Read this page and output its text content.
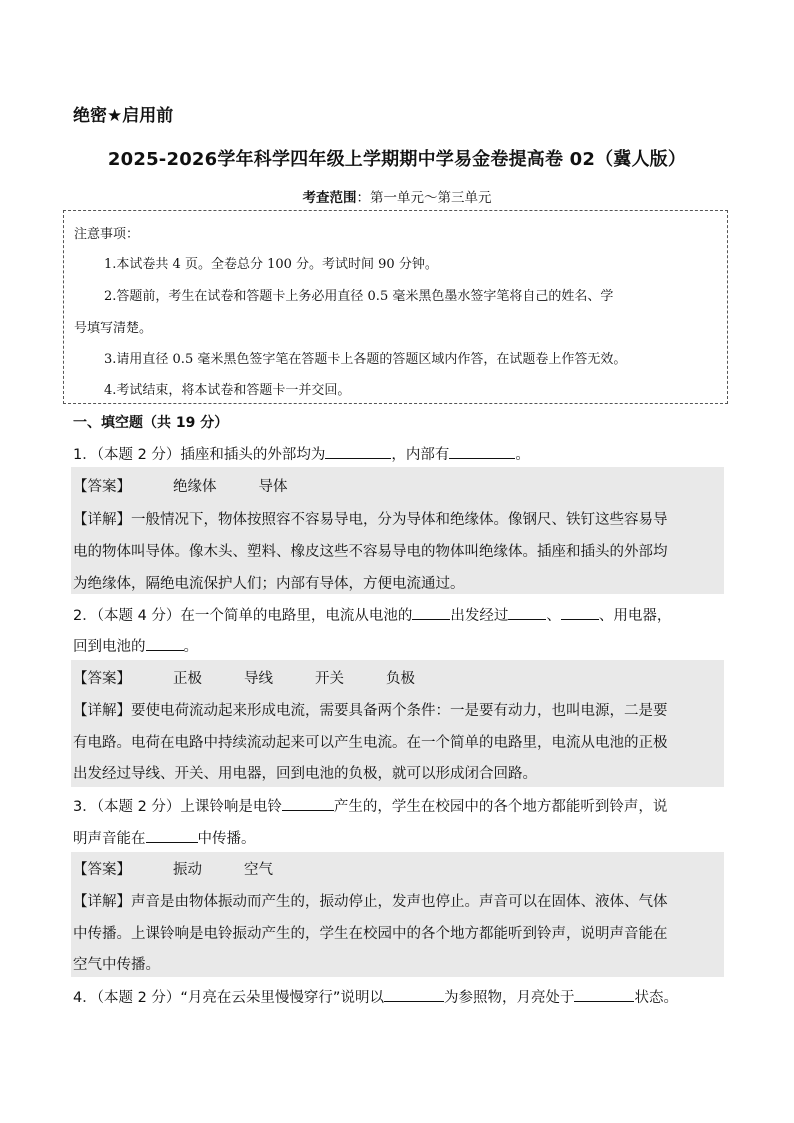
绝密★启用前
2025-2026学年科学四年级上学期期中学易金卷提高卷 02（冀人版）
考查范围：第一单元～第三单元
注意事项：
1.本试卷共 4 页。全卷总分 100 分。考试时间 90 分钟。
2.答题前，考生在试卷和答题卡上务必用直径 0.5 毫米黑色墨水签字笔将自己的姓名、学
号填写清楚。
3.请用直径 0.5 毫米黑色签字笔在答题卡上各题的答题区域内作答，在试题卷上作答无效。
4.考试结束，将本试卷和答题卡一并交回。
一、填空题（共 19 分）
1．（本题 2 分）插座和插头的外部均为	，内部有	。
【答案】	绝缘体	导体
【详解】一般情况下，物体按照容不容易导电，分为导体和绝缘体。像钢尺、铁钉这些容易导
电的物体叫导体。像木头、塑料、橡皮这些不容易导电的物体叫绝缘体。插座和插头的外部均
为绝缘体，隔绝电流保护人们；内部有导体，方便电流通过。
2．（本题 4 分）在一个简单的电路里，电流从电池的	出发经过	、	、用电器，
回到电池的	。
【答案】	正极	导线	开关	负极
【详解】要使电荷流动起来形成电流，需要具备两个条件：一是要有动力，也叫电源，二是要
有电路。电荷在电路中持续流动起来可以产生电流。在一个简单的电路里，电流从电池的正极
出发经过导线、开关、用电器，回到电池的负极，就可以形成闭合回路。
3．（本题 2 分）上课铃响是电铃	产生的，学生在校园中的各个地方都能听到铃声，说
明声音能在	中传播。
【答案】	振动	空气
【详解】声音是由物体振动而产生的，振动停止，发声也停止。声音可以在固体、液体、气体
中传播。上课铃响是电铃振动产生的，学生在校园中的各个地方都能听到铃声，说明声音能在
空气中传播。
4．（本题 2 分）“月亮在云朵里慢慢穿行”说明以	为参照物，月亮处于	状态。
